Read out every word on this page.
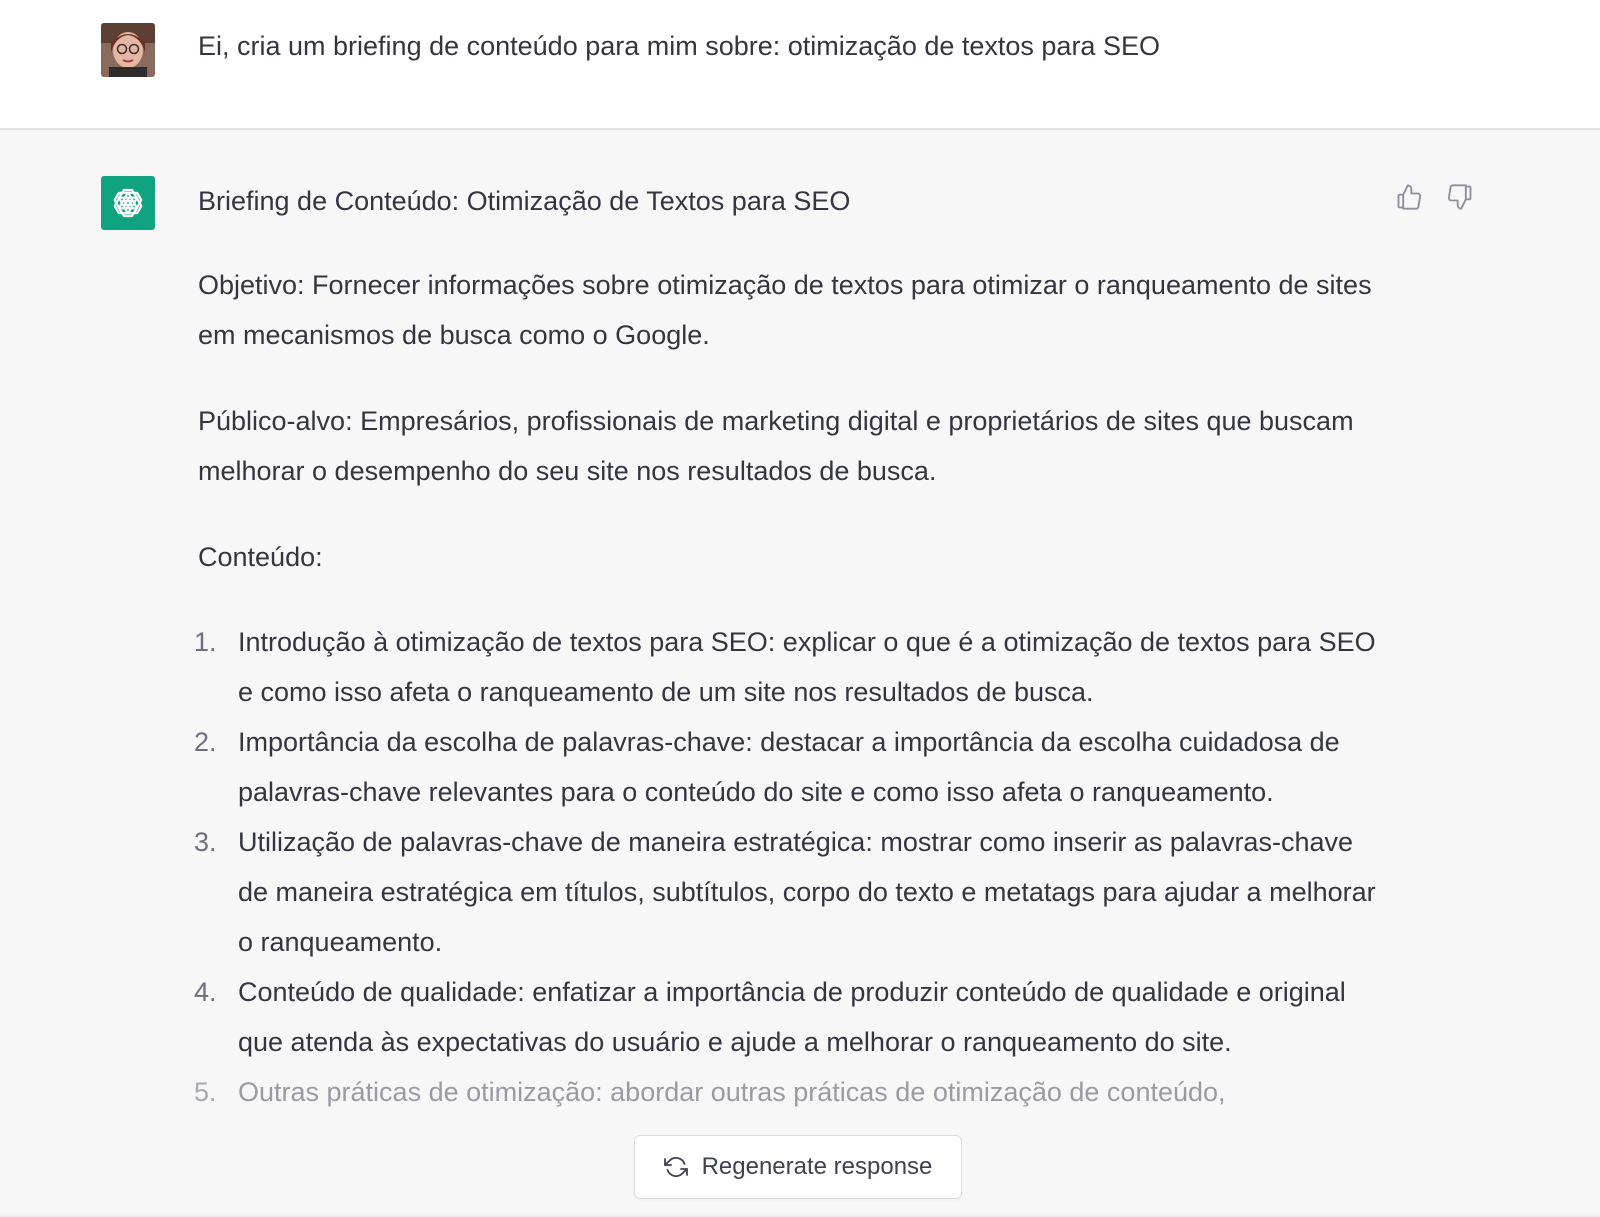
Ei, cria um briefing de conteúdo para mim sobre: otimização de textos para SEO

Briefing de Conteúdo: Otimização de Textos para SEO

Objetivo: Fornecer informações sobre otimização de textos para otimizar o ranqueamento de sites em mecanismos de busca como o Google.

Público-alvo: Empresários, profissionais de marketing digital e proprietários de sites que buscam melhorar o desempenho do seu site nos resultados de busca.

Conteúdo:

1. Introdução à otimização de textos para SEO: explicar o que é a otimização de textos para SEO e como isso afeta o ranqueamento de um site nos resultados de busca.
2. Importância da escolha de palavras-chave: destacar a importância da escolha cuidadosa de palavras-chave relevantes para o conteúdo do site e como isso afeta o ranqueamento.
3. Utilização de palavras-chave de maneira estratégica: mostrar como inserir as palavras-chave de maneira estratégica em títulos, subtítulos, corpo do texto e metatags para ajudar a melhorar o ranqueamento.
4. Conteúdo de qualidade: enfatizar a importância de produzir conteúdo de qualidade e original que atenda às expectativas do usuário e ajude a melhorar o ranqueamento do site.
5. Outras práticas de otimização: abordar outras práticas de otimização de conteúdo,
Regenerate response
